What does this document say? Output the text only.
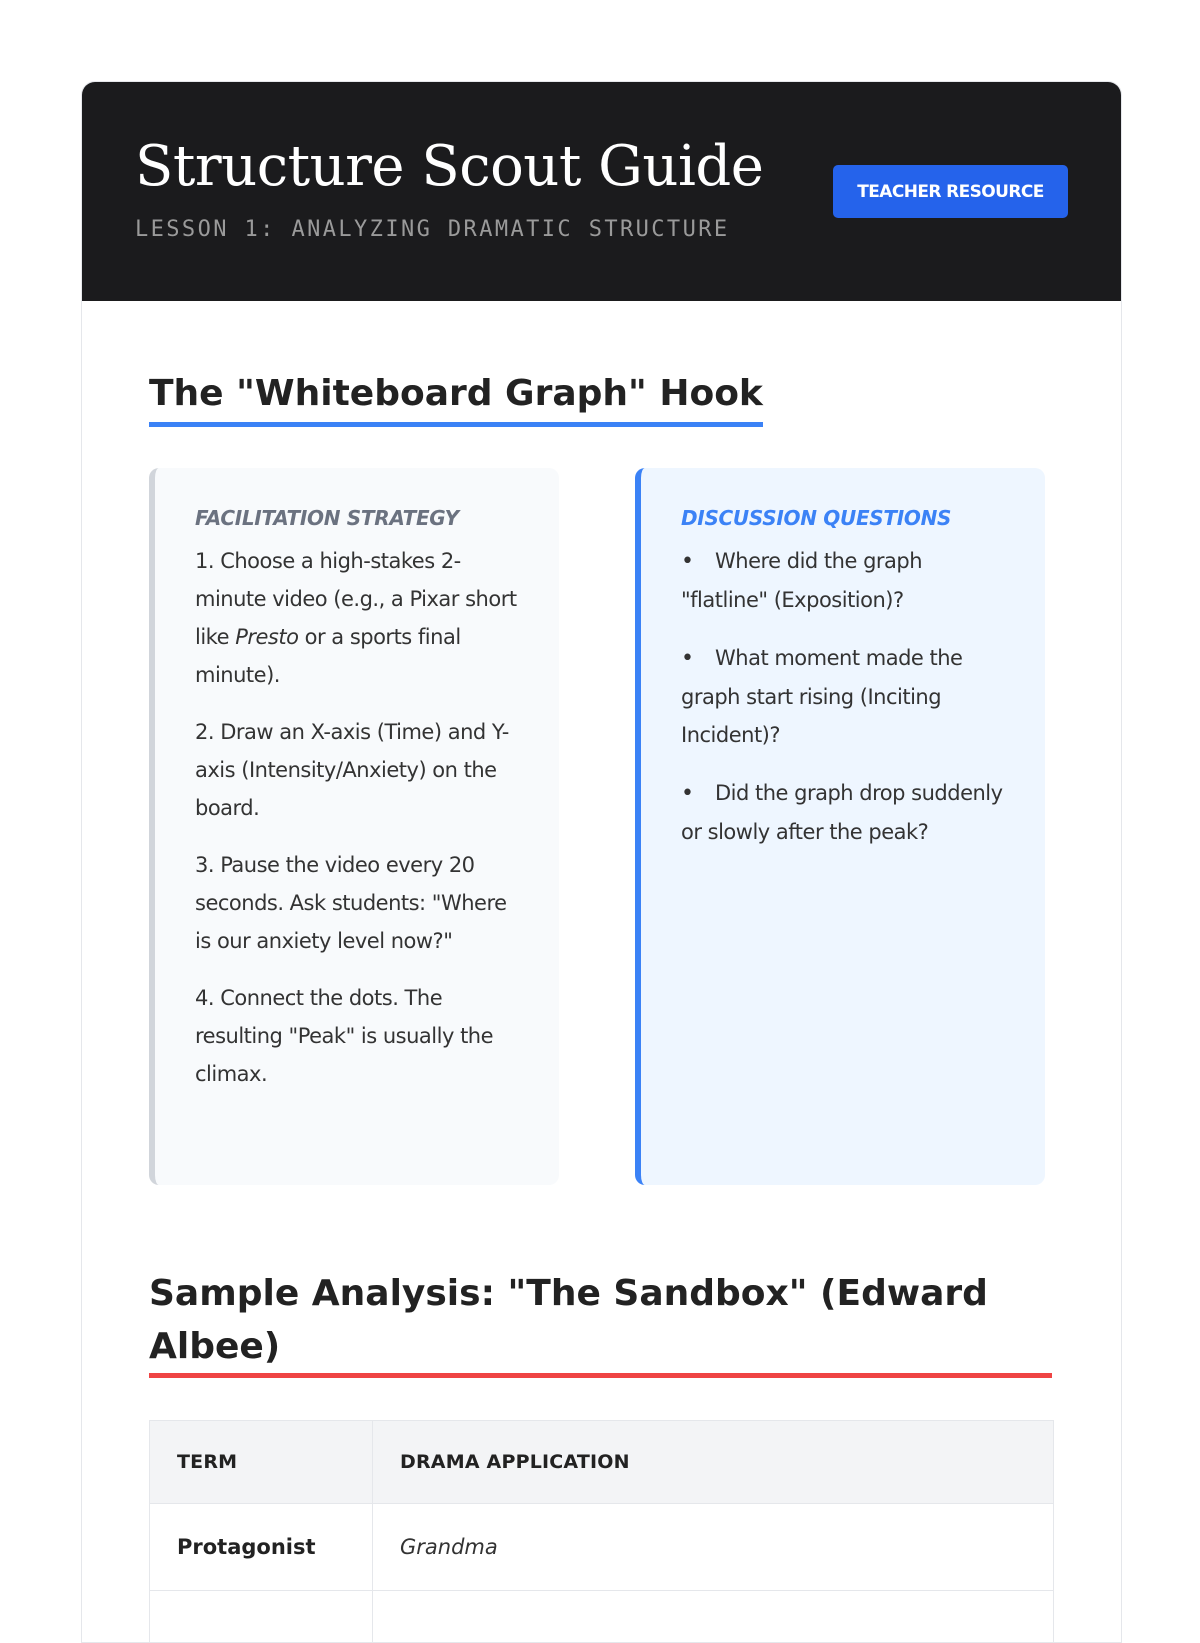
Structure Scout Guide
LESSON 1: ANALYZING DRAMATIC STRUCTURE
TEACHER RESOURCE
The "Whiteboard Graph" Hook
FACILITATION STRATEGY

1. Choose a high-stakes 2-minute video (e.g., a Pixar short like Presto or a sports final minute).

2. Draw an X-axis (Time) and Y-axis (Intensity/Anxiety) on the board.

3. Pause the video every 20 seconds. Ask students: "Where is our anxiety level now?"

4. Connect the dots. The resulting "Peak" is usually the climax.

DISCUSSION QUESTIONS
• Where did the graph "flatline" (Exposition)?
• What moment made the graph start rising (Inciting Incident)?
• Did the graph drop suddenly or slowly after the peak?
Sample Analysis: "The Sandbox" (Edward Albee)
TERM	DRAMA APPLICATION
Protagonist	Grandma
